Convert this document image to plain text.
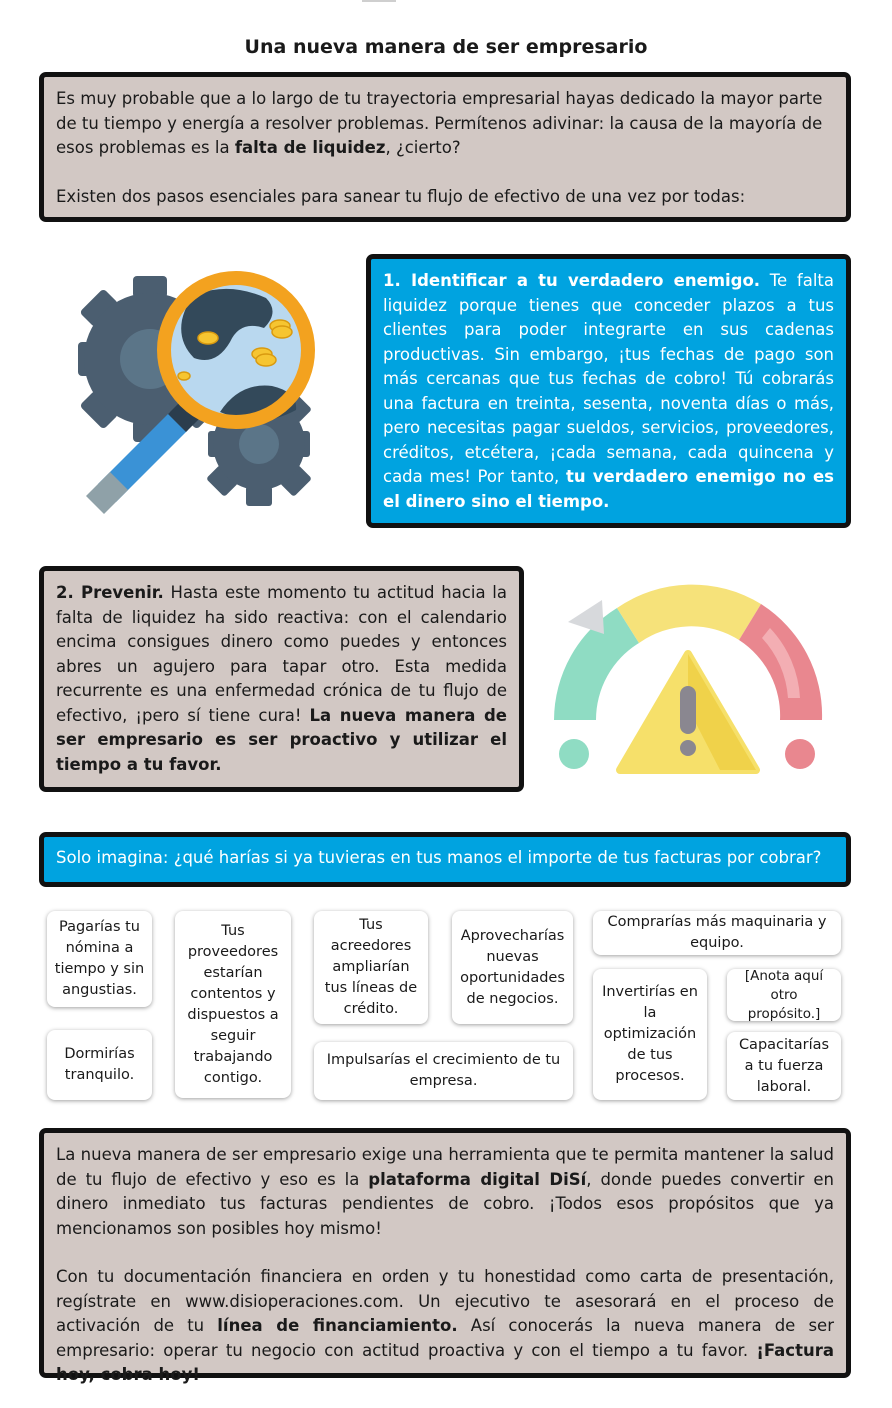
Una nueva manera de ser empresario

Es muy probable que a lo largo de tu trayectoria empresarial hayas dedicado la mayor parte de tu tiempo y energía a resolver problemas. Permítenos adivinar: la causa de la mayoría de esos problemas es la falta de liquidez, ¿cierto?

Existen dos pasos esenciales para sanear tu flujo de efectivo de una vez por todas:

1. Identificar a tu verdadero enemigo. Te falta liquidez porque tienes que conceder plazos a tus clientes para poder integrarte en sus cadenas productivas. Sin embargo, ¡tus fechas de pago son más cercanas que tus fechas de cobro! Tú cobrarás una factura en treinta, sesenta, noventa días o más, pero necesitas pagar sueldos, servicios, proveedores, créditos, etcétera, ¡cada semana, cada quincena y cada mes! Por tanto, tu verdadero enemigo no es el dinero sino el tiempo.

2. Prevenir. Hasta este momento tu actitud hacia la falta de liquidez ha sido reactiva: con el calendario encima consigues dinero como puedes y entonces abres un agujero para tapar otro. Esta medida recurrente es una enfermedad crónica de tu flujo de efectivo, ¡pero sí tiene cura! La nueva manera de ser empresario es ser proactivo y utilizar el tiempo a tu favor.

Solo imagina: ¿qué harías si ya tuvieras en tus manos el importe de tus facturas por cobrar?

Pagarías tu nómina a tiempo y sin angustias.
Dormirías tranquilo.
Tus proveedores estarían contentos y dispuestos a seguir trabajando contigo.
Tus acreedores ampliarían tus líneas de crédito.
Aprovecharías nuevas oportunidades de negocios.
Impulsarías el crecimiento de tu empresa.
Comprarías más maquinaria y equipo.
Invertirías en la optimización de tus procesos.
[Anota aquí otro propósito.]
Capacitarías a tu fuerza laboral.

La nueva manera de ser empresario exige una herramienta que te permita mantener la salud de tu flujo de efectivo y eso es la plataforma digital DiSí, donde puedes convertir en dinero inmediato tus facturas pendientes de cobro. ¡Todos esos propósitos que ya mencionamos son posibles hoy mismo!

Con tu documentación financiera en orden y tu honestidad como carta de presentación, regístrate en www.disioperaciones.com. Un ejecutivo te asesorará en el proceso de activación de tu línea de financiamiento. Así conocerás la nueva manera de ser empresario: operar tu negocio con actitud proactiva y con el tiempo a tu favor. ¡Factura hoy, cobra hoy!
